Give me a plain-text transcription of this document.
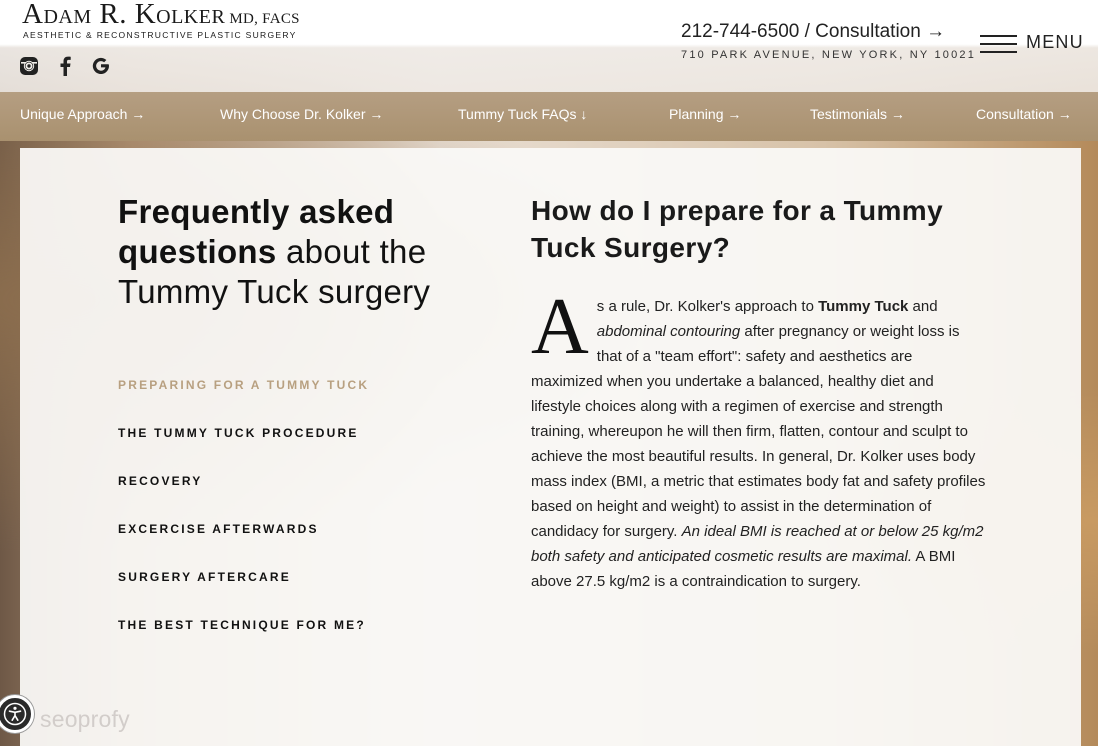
Adam R. Kolker MD, FACS
AESTHETIC & RECONSTRUCTIVE PLASTIC SURGERY	212-744-6500 / Consultation →
710 PARK AVENUE, NEW YORK, NY 10021
MENU
Unique Approach →	Why Choose Dr. Kolker →	Tummy Tuck FAQs ↓	Planning →	Testimonials →	Consultation →
Frequently asked questions about the Tummy Tuck surgery
PREPARING FOR A TUMMY TUCK
THE TUMMY TUCK PROCEDURE
RECOVERY
EXCERCISE AFTERWARDS
SURGERY AFTERCARE
THE BEST TECHNIQUE FOR ME?
How do I prepare for a Tummy Tuck Surgery?
As a rule, Dr. Kolker's approach to Tummy Tuck and abdominal contouring after pregnancy or weight loss is that of a "team effort": safety and aesthetics are maximized when you undertake a balanced, healthy diet and lifestyle choices along with a regimen of exercise and strength training, whereupon he will then firm, flatten, contour and sculpt to achieve the most beautiful results. In general, Dr. Kolker uses body mass index (BMI, a metric that estimates body fat and safety profiles based on height and weight) to assist in the determination of candidacy for surgery. An ideal BMI is reached at or below 25 kg/m2 both safety and anticipated cosmetic results are maximal. A BMI above 27.5 kg/m2 is a contraindication to surgery.
seoprofy
